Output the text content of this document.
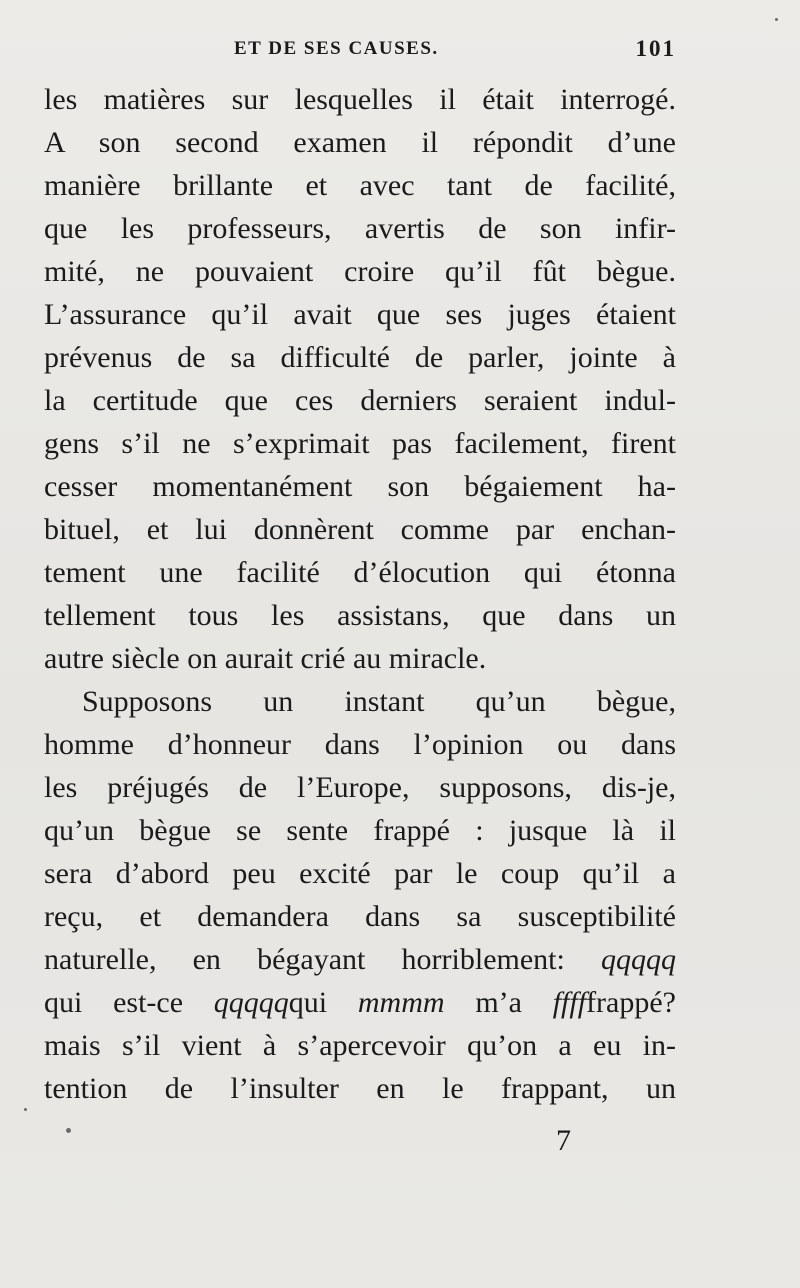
ET DE SES CAUSES.	101
les matières sur lesquelles il était interrogé.
A son second examen il répondit d’une
manière brillante et avec tant de facilité,
que les professeurs, avertis de son infir-
mité, ne pouvaient croire qu’il fût bègue.
L’assurance qu’il avait que ses juges étaient
prévenus de sa difficulté de parler, jointe à
la certitude que ces derniers seraient indul-
gens s’il ne s’exprimait pas facilement, firent
cesser momentanément son bégaiement ha-
bituel, et lui donnèrent comme par enchan-
tement une facilité d’élocution qui étonna
tellement tous les assistans, que dans un
autre siècle on aurait crié au miracle.
Supposons un instant qu’un bègue,
homme d’honneur dans l’opinion ou dans
les préjugés de l’Europe, supposons, dis-je,
qu’un bègue se sente frappé : jusque là il
sera d’abord peu excité par le coup qu’il a
reçu, et demandera dans sa susceptibilité
naturelle, en bégayant horriblement: qqqqq
qui est-ce qqqqqqui mmmm m’a fffffrappé?
mais s’il vient à s’apercevoir qu’on a eu in-
tention de l’insulter en le frappant, un
7
